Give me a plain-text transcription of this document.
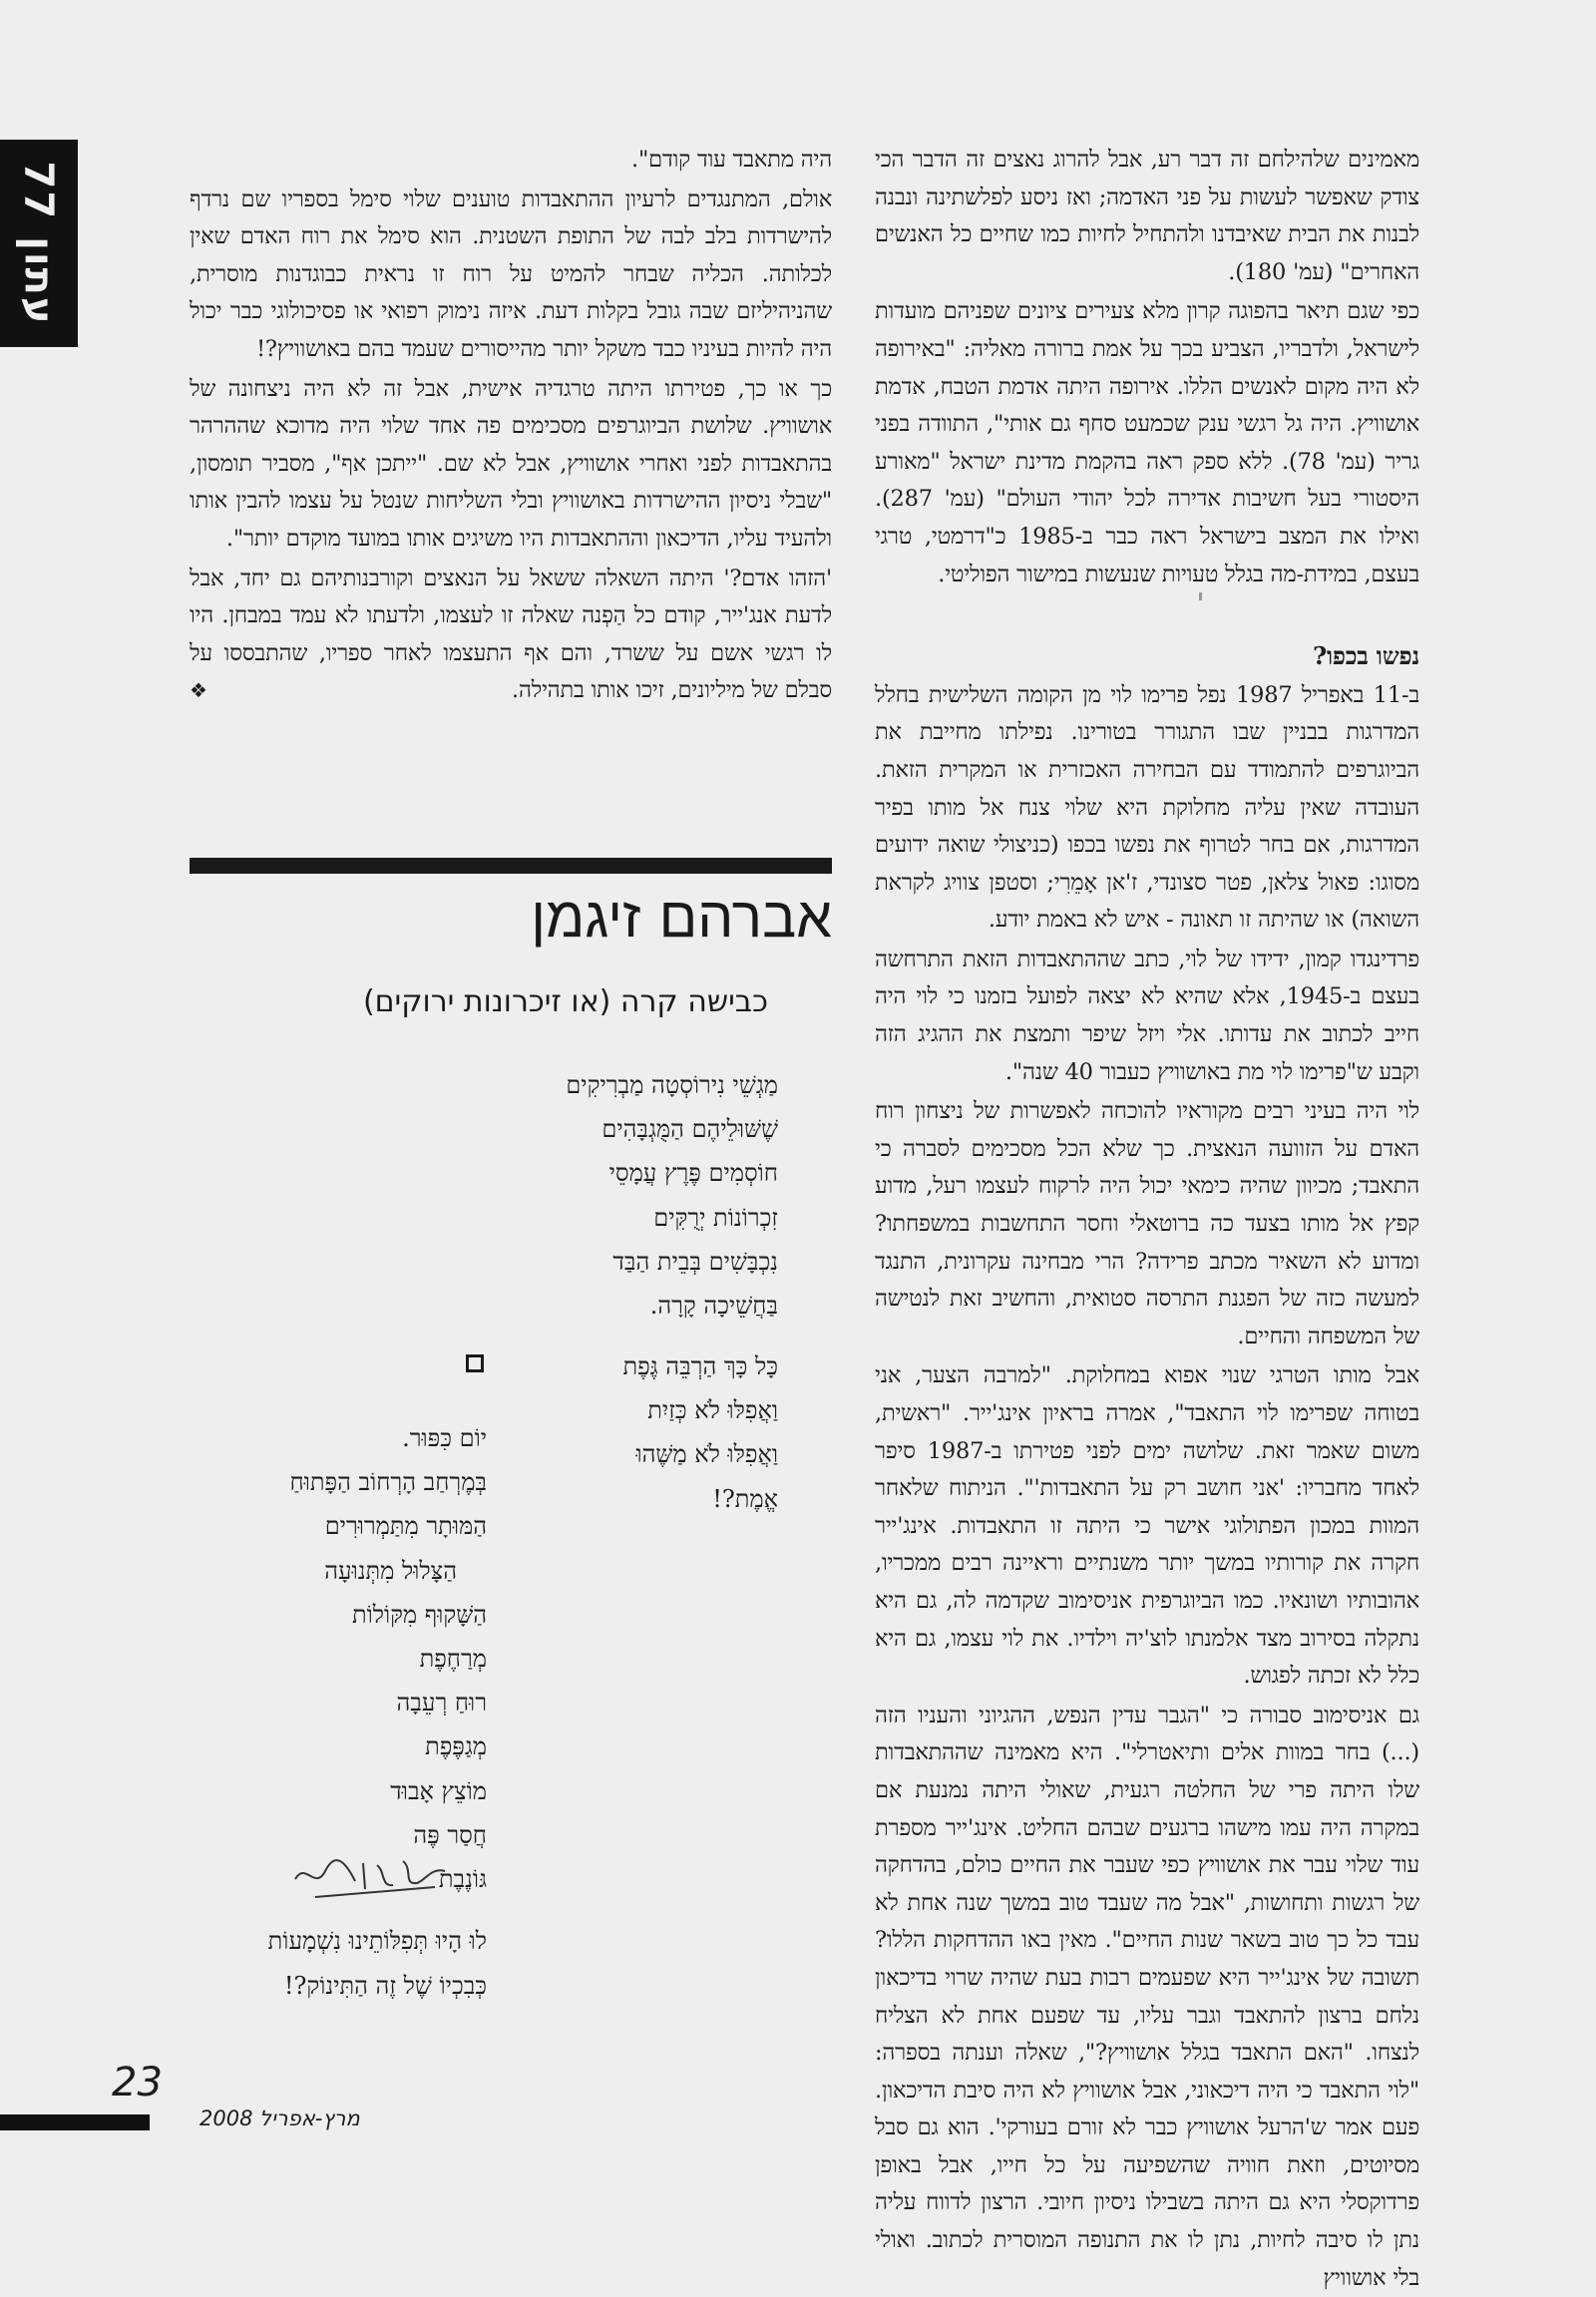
עתון 77

מאמינים שלהילחם זה דבר רע, אבל להרוג נאצים זה הדבר הכי צודק שאפשר לעשות על פני האדמה; ואז ניסע לפלשתינה ונבנה לבנות את הבית שאיבדנו ולהתחיל לחיות כמו שחיים כל האנשים האחרים" (עמ' 180).

כפי שגם תיאר בהפוגה קרון מלא צעירים ציונים שפניהם מועדות לישראל, ולדבריו, הצביע בכך על אמת ברורה מאליה: "באירופה לא היה מקום לאנשים הללו. אירופה היתה אדמת הטבח, אדמת אושוויץ. היה גל רגשי ענק שכמעט סחף גם אותי", התוודה בפני גריר (עמ' 78). ללא ספק ראה בהקמת מדינת ישראל "מאורע היסטורי בעל חשיבות אדירה לכל יהודי העולם" (עמ' 287). ואילו את המצב בישראל ראה כבר ב-1985 כ"דרמטי, טרגי בעצם, במידת-מה בגלל טעויות שנעשות במישור הפוליטי.

נפשו בכפו?

ב-11 באפריל 1987 נפל פרימו לוי מן הקומה השלישית בחלל המדרגות בבניין שבו התגורר בטורינו. נפילתו מחייבת את הביוגרפים להתמודד עם הבחירה האכזרית או המקרית הזאת. העובדה שאין עליה מחלוקת היא שלוי צנח אל מותו בפיר המדרגות, אם בחר לטרוף את נפשו בכפו (כניצולי שואה ידועים מסוגו: פאול צלאן, פטר סצונדי, ז'אן אָמֵרִי; וסטפן צוויג לקראת השואה) או שהיתה זו תאונה - איש לא באמת יודע.

פרדינגדו קמון, ידידו של לוי, כתב שההתאבדות הזאת התרחשה בעצם ב-1945, אלא שהיא לא יצאה לפועל בזמנו כי לוי היה חייב לכתוב את עדותו. אלי ויזל שיפר ותמצת את ההגיג הזה וקבע ש"פרימו לוי מת באושוויץ כעבור 40 שנה".

לוי היה בעיני רבים מקוראיו להוכחה לאפשרות של ניצחון רוח האדם על הזוועה הנאצית. כך שלא הכל מסכימים לסברה כי התאבד; מכיוון שהיה כימאי יכול היה לרקוח לעצמו רעל, מדוע קפץ אל מותו בצעד כה ברוטאלי וחסר התחשבות במשפחתו? ומדוע לא השאיר מכתב פרידה? הרי מבחינה עקרונית, התנגד למעשה כזה של הפגנת התרסה סטואית, והחשיב זאת לנטישה של המשפחה והחיים.

אבל מותו הטרגי שנוי אפוא במחלוקת. "למרבה הצער, אני בטוחה שפרימו לוי התאבד", אמרה בראיון אינג'ייר. "ראשית, משום שאמר זאת. שלושה ימים לפני פטירתו ב-1987 סיפר לאחד מחבריו: 'אני חושב רק על התאבדות'". הניתוח שלאחר המוות במכון הפתולוגי אישר כי היתה זו התאבדות. אינג'ייר חקרה את קורותיו במשך יותר משנתיים וראיינה רבים ממכריו, אהובותיו ושונאיו. כמו הביוגרפית אניסימוב שקדמה לה, גם היא נתקלה בסירוב מצד אלמנתו לוצ'יה וילדיו. את לוי עצמו, גם היא כלל לא זכתה לפגוש.

גם אניסימוב סבורה כי "הגבר עדין הנפש, ההגיוני והעניו הזה (...) בחר במוות אלים ותיאטרלי". היא מאמינה שההתאבדות שלו היתה פרי של החלטה רגעית, שאולי היתה נמנעת אם במקרה היה עמו מישהו ברגעים שבהם החליט. אינג'ייר מספרת עוד שלוי עבר את אושוויץ כפי שעבר את החיים כולם, בהדחקה של רגשות ותחושות, "אבל מה שעבד טוב במשך שנה אחת לא עבד כל כך טוב בשאר שנות החיים". מאין באו ההדחקות הללו? תשובה של אינג'ייר היא שפעמים רבות בעת שהיה שרוי בדיכאון נלחם ברצון להתאבד וגבר עליו, עד שפעם אחת לא הצליח לנצחו. "האם התאבד בגלל אושוויץ?", שאלה וענתה בספרה: "לוי התאבד כי היה דיכאוני, אבל אושוויץ לא היה סיבת הדיכאון. פעם אמר ש'הרעל אושוויץ כבר לא זורם בעורקי'. הוא גם סבל מסיוטים, וזאת חוויה שהשפיעה על כל חייו, אבל באופן פרדוקסלי היא גם היתה בשבילו ניסיון חיובי. הרצון לדווח עליה נתן לו סיבה לחיות, נתן לו את התנופה המוסרית לכתוב. ואולי בלי אושוויץ

היה מתאבד עוד קודם".

אולם, המתנגדים לרעיון ההתאבדות טוענים שלוי סימל בספריו שם נרדף להישרדות בלב לבה של התופת השטנית. הוא סימל את רוח האדם שאין לכלותה. הכליה שבחר להמיט על רוח זו נראית כבוגדנות מוסרית, שהניהיליזם שבה גובל בקלות דעת. איזה נימוק רפואי או פסיכולוגי כבר יכול היה להיות בעיניו כבד משקל יותר מהייסורים שעמד בהם באושוויץ?!

כך או כך, פטירתו היתה טרגדיה אישית, אבל זה לא היה ניצחונה של אושוויץ. שלושת הביוגרפים מסכימים פה אחד שלוי היה מדוכא שההרהר בהתאבדות לפני ואחרי אושוויץ, אבל לא שם. "ייתכן אף", מסביר תומסון, "שבלי ניסיון ההישרדות באושוויץ ובלי השליחות שנטל על עצמו להבין אותו ולהעיד עליו, הדיכאון וההתאבדות היו משיגים אותו במועד מוקדם יותר".

'הזהו אדם?' היתה השאלה ששאל על הנאצים וקורבנותיהם גם יחד, אבל לדעת אנג'ייר, קודם כל הַפְנה שאלה זו לעצמו, ולדעתו לא עמד במבחן. היו לו רגשי אשם על ששרד, והם אף התעצמו לאחר ספריו, שהתבססו על סבלם של מיליונים, זיכו אותו בתהילה.
❖

אברהם זיגמן
כבישה קרה (או זיכרונות ירוקים)
מַגְשֵׁי נִירוֹסְטָה מַבְרִיקִים
שֶׁשּׁוּלֵיהֶם הַמֻּגְבָּהִים
חוֹסְמִים פֶּרֶץ עֲמָסֵי
זִכְרוֹנוֹת יְרֻקִּים
נִכְבָּשִׁים בְּבֵית הַבַּד
בַּחֲשֵׁיכָה קָרָה.
כָּל כָּךְ הַרְבֵּה גֶּפֶת
וַאֲפִלּוּ לֹא כְּזַיִת
וַאֲפִלּוּ לֹא מַשֶּׁהוּ
אֱמֶת?!
יוֹם כִּפּוּר.
בְּמֶרְחַב הָרְחוֹב הַפָּתוּחַ
הַמּוּתָר מִתַּמְרוּרִים
הַצָּלוּל מִתְּנוּעָה
הַשָּׁקוּף מִקּוֹלוֹת
מְרַחֶפֶת
רוּחַ רְעֵבָה
מְגַפֶּפֶת
מוֹצֵץ אָבוּד
חֲסַר פֶּה
גּוֹנֶבֶת
לוּ הָיוּ תְּפִלּוֹתֵינוּ נִשְׁמָעוֹת
כְּבִכְיוֹ שֶׁל זֶה הַתִּינוֹק?!
23
מרץ-אפריל 2008
